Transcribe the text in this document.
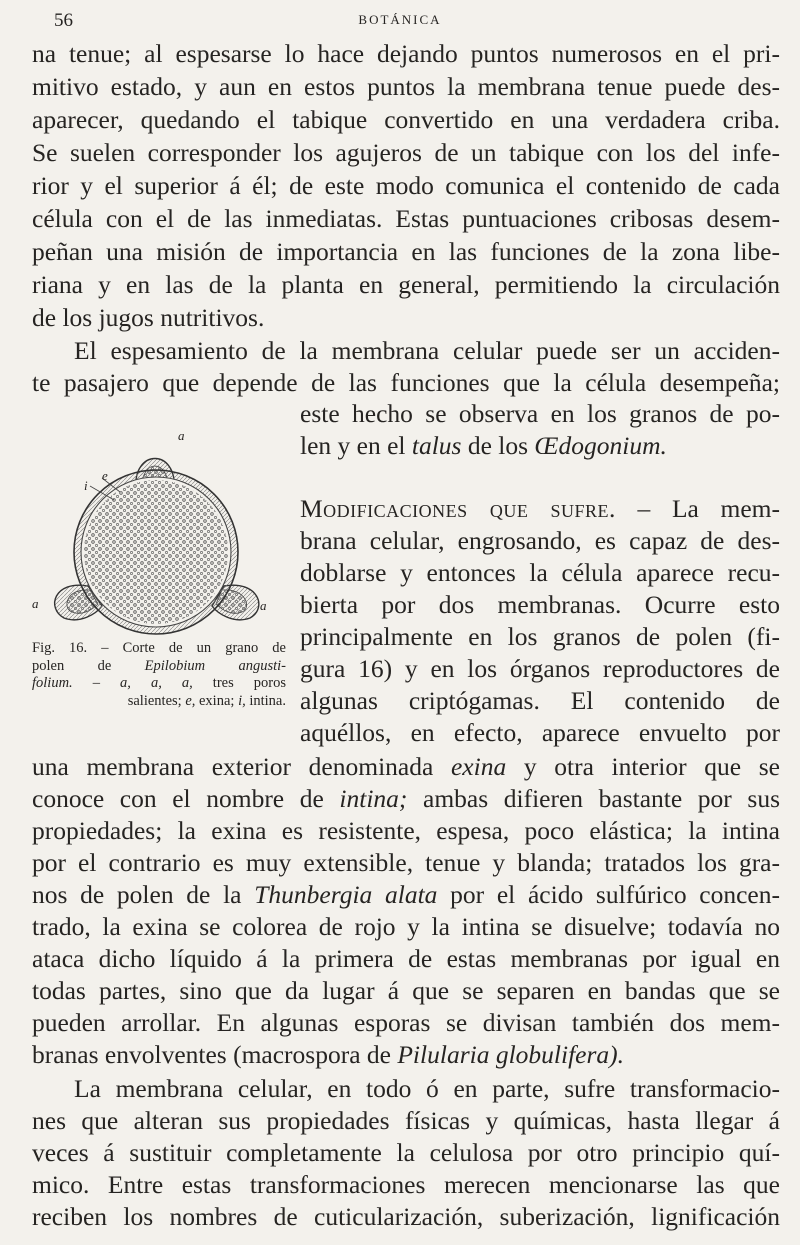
56	BOTÁNICA
na tenue; al espesarse lo hace dejando puntos numerosos en el pri-
mitivo estado, y aun en estos puntos la membrana tenue puede des-
aparecer, quedando el tabique convertido en una verdadera criba.
Se suelen corresponder los agujeros de un tabique con los del infe-
rior y el superior á él; de este modo comunica el contenido de cada
célula con el de las inmediatas. Estas puntuaciones cribosas desem-
peñan una misión de importancia en las funciones de la zona libe-
riana y en las de la planta en general, permitiendo la circulación
de los jugos nutritivos.
El espesamiento de la membrana celular puede ser un acciden-
te pasajero que depende de las funciones que la célula desempeña;
este hecho se observa en los granos de po-
len y en el talus de los Œdogonium.
Modificaciones que sufre. – La mem-
brana celular, engrosando, es capaz de des-
doblarse y entonces la célula aparece recu-
bierta por dos membranas. Ocurre esto
principalmente en los granos de polen (fi-
gura 16) y en los órganos reproductores de
algunas criptógamas. El contenido de
aquéllos, en efecto, aparece envuelto por
una membrana exterior denominada exina y otra interior que se
conoce con el nombre de intina; ambas difieren bastante por sus
propiedades; la exina es resistente, espesa, poco elástica; la intina
por el contrario es muy extensible, tenue y blanda; tratados los gra-
nos de polen de la Thunbergia alata por el ácido sulfúrico concen-
trado, la exina se colorea de rojo y la intina se disuelve; todavía no
ataca dicho líquido á la primera de estas membranas por igual en
todas partes, sino que da lugar á que se separen en bandas que se
pueden arrollar. En algunas esporas se divisan también dos mem-
branas envolventes (macrospora de Pilularia globulifera).
La membrana celular, en todo ó en parte, sufre transformacio-
nes que alteran sus propiedades físicas y químicas, hasta llegar á
veces á sustituir completamente la celulosa por otro principio quí-
mico. Entre estas transformaciones merecen mencionarse las que
reciben los nombres de cuticularización, suberización, lignificación
a
e
i
a	a
Fig. 16. – Corte de un grano de
polen de Epilobium angusti-
folium. – a, a, a, tres poros
salientes; e, exina; i, intina.
